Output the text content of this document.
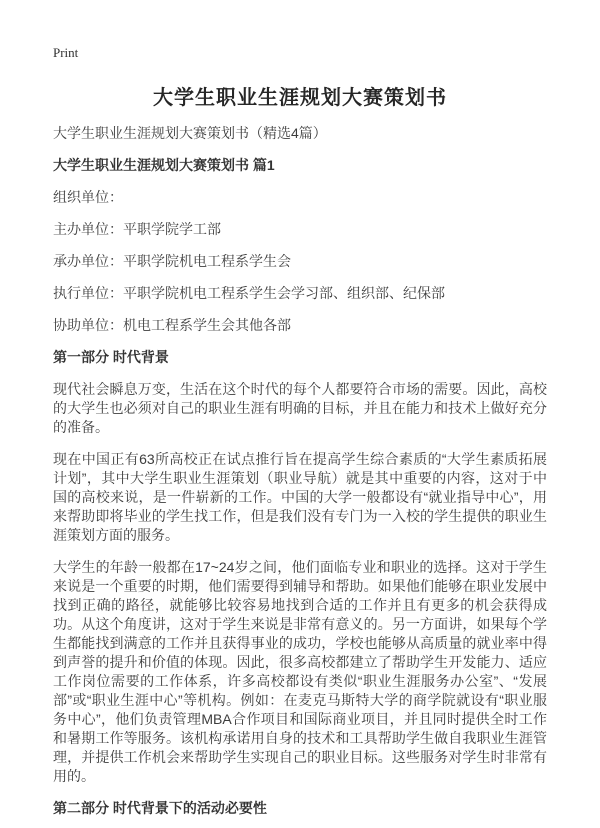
Print
大学生职业生涯规划大赛策划书

大学生职业生涯规划大赛策划书（精选4篇）

大学生职业生涯规划大赛策划书 篇1

组织单位：

主办单位：平职学院学工部

承办单位：平职学院机电工程系学生会

执行单位：平职学院机电工程系学生会学习部、组织部、纪保部

协助单位：机电工程系学生会其他各部

第一部分 时代背景

现代社会瞬息万变，生活在这个时代的每个人都要符合市场的需要。因此，高校的大学生也必须对自己的职业生涯有明确的目标，并且在能力和技术上做好充分的准备。

现在中国正有63所高校正在试点推行旨在提高学生综合素质的“大学生素质拓展计划”，其中大学生职业生涯策划（职业导航）就是其中重要的内容，这对于中国的高校来说，是一件崭新的工作。中国的大学一般都设有“就业指导中心”，用来帮助即将毕业的学生找工作，但是我们没有专门为一入校的学生提供的职业生涯策划方面的服务。

大学生的年龄一般都在17~24岁之间，他们面临专业和职业的选择。这对于学生来说是一个重要的时期，他们需要得到辅导和帮助。如果他们能够在职业发展中找到正确的路径，就能够比较容易地找到合适的工作并且有更多的机会获得成功。从这个角度讲，这对于学生来说是非常有意义的。另一方面讲，如果每个学生都能找到满意的工作并且获得事业的成功，学校也能够从高质量的就业率中得到声誉的提升和价值的体现。因此，很多高校都建立了帮助学生开发能力、适应工作岗位需要的工作体系，许多高校都设有类似“职业生涯服务办公室”、“发展部”或“职业生涯中心”等机构。例如：在麦克马斯特大学的商学院就设有“职业服务中心”，他们负责管理MBA合作项目和国际商业项目，并且同时提供全时工作和暑期工作等服务。该机构承诺用自身的技术和工具帮助学生做自我职业生涯管理，并提供工作机会来帮助学生实现自己的职业目标。这些服务对学生时非常有用的。

第二部分 时代背景下的活动必要性
